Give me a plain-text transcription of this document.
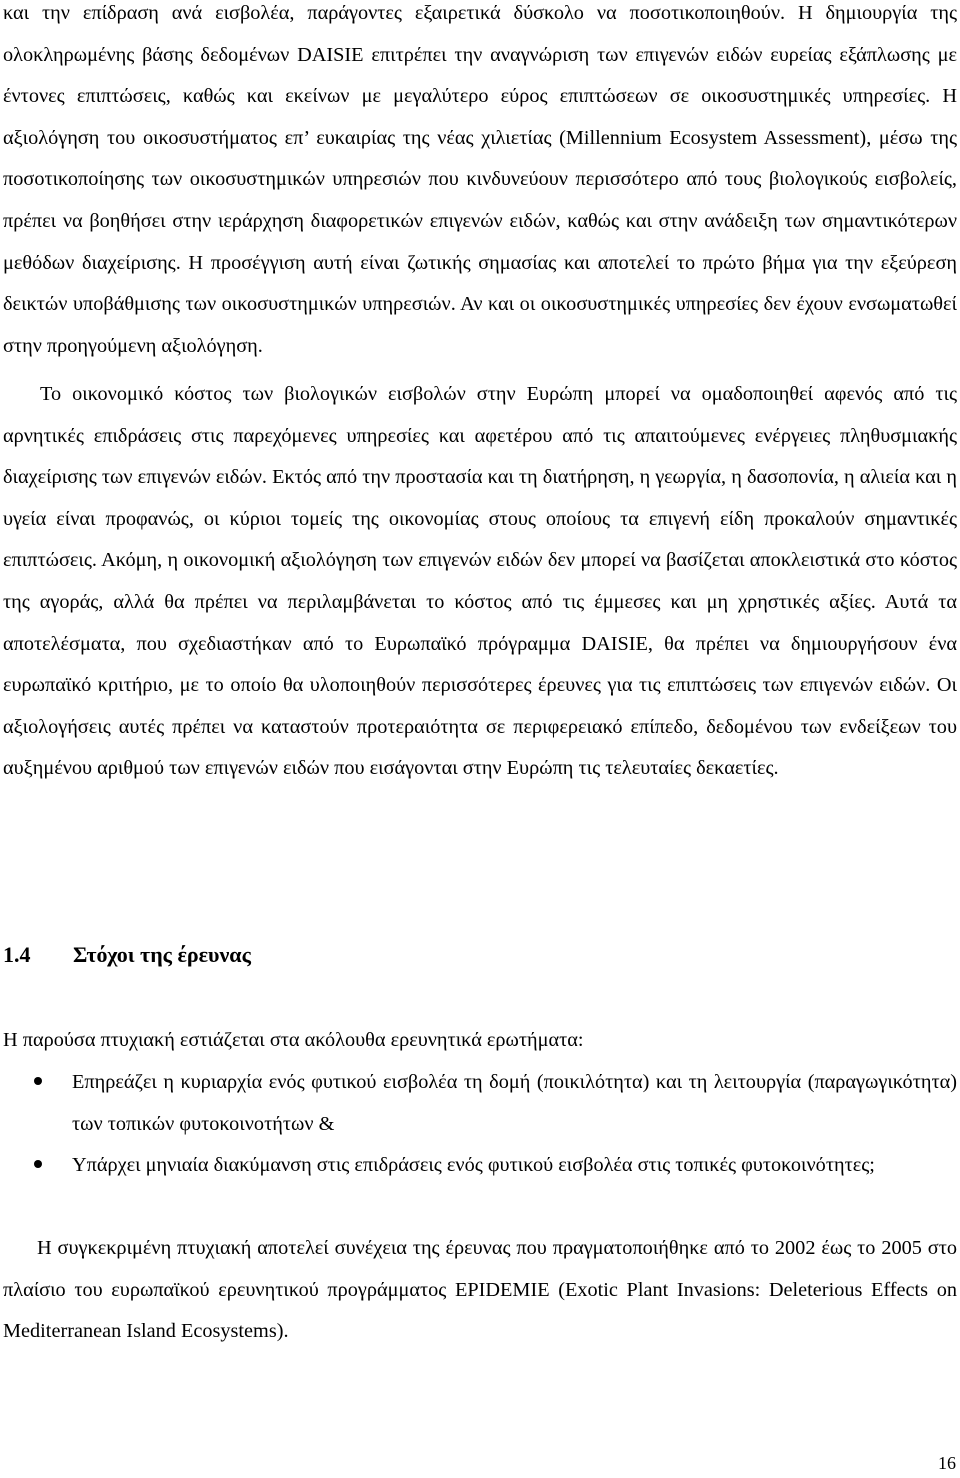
και την επίδραση ανά εισβολέα, παράγοντες εξαιρετικά δύσκολο να ποσοτικοποιηθούν. Η δημιουργία της ολοκληρωμένης βάσης δεδομένων DAISIE επιτρέπει την αναγνώριση των επιγενών ειδών ευρείας εξάπλωσης με έντονες επιπτώσεις, καθώς και εκείνων με μεγαλύτερο εύρος επιπτώσεων σε οικοσυστημικές υπηρεσίες. Η αξιολόγηση του οικοσυστήματος επ’ ευκαιρίας της νέας χιλιετίας (Millennium Ecosystem Assessment), μέσω της ποσοτικοποίησης των οικοσυστημικών υπηρεσιών που κινδυνεύουν περισσότερο από τους βιολογικούς εισβολείς, πρέπει να βοηθήσει στην ιεράρχηση διαφορετικών επιγενών ειδών, καθώς και στην ανάδειξη των σημαντικότερων μεθόδων διαχείρισης. Η προσέγγιση αυτή είναι ζωτικής σημασίας και αποτελεί το πρώτο βήμα για την εξεύρεση δεικτών υποβάθμισης των οικοσυστημικών υπηρεσιών. Αν και οι οικοσυστημικές υπηρεσίες δεν έχουν ενσωματωθεί στην προηγούμενη αξιολόγηση.

Το οικονομικό κόστος των βιολογικών εισβολών στην Ευρώπη μπορεί να ομαδοποιηθεί αφενός από τις αρνητικές επιδράσεις στις παρεχόμενες υπηρεσίες και αφετέρου από τις απαιτούμενες ενέργειες πληθυσμιακής διαχείρισης των επιγενών ειδών. Εκτός από την προστασία και τη διατήρηση, η γεωργία, η δασοπονία, η αλιεία και η υγεία είναι προφανώς, οι κύριοι τομείς της οικονομίας στους οποίους τα επιγενή είδη προκαλούν σημαντικές επιπτώσεις. Ακόμη, η οικονομική αξιολόγηση των επιγενών ειδών δεν μπορεί να βασίζεται αποκλειστικά στο κόστος της αγοράς, αλλά θα πρέπει να περιλαμβάνεται το κόστος από τις έμμεσες και μη χρηστικές αξίες. Αυτά τα αποτελέσματα, που σχεδιαστήκαν από το Ευρωπαϊκό πρόγραμμα DAISIE, θα πρέπει να δημιουργήσουν ένα ευρωπαϊκό κριτήριο, με το οποίο θα υλοποιηθούν περισσότερες έρευνες για τις επιπτώσεις των επιγενών ειδών. Οι αξιολογήσεις αυτές πρέπει να καταστούν προτεραιότητα σε περιφερειακό επίπεδο, δεδομένου των ενδείξεων του αυξημένου αριθμού των επιγενών ειδών που εισάγονται στην Ευρώπη τις τελευταίες δεκαετίες.

1.4 Στόχοι της έρευνας

Η παρούσα πτυχιακή εστιάζεται στα ακόλουθα ερευνητικά ερωτήματα:

Επηρεάζει η κυριαρχία ενός φυτικού εισβολέα τη δομή (ποικιλότητα) και τη λειτουργία (παραγωγικότητα) των τοπικών φυτοκοινοτήτων &
Υπάρχει μηνιαία διακύμανση στις επιδράσεις ενός φυτικού εισβολέα στις τοπικές φυτοκοινότητες;

Η συγκεκριμένη πτυχιακή αποτελεί συνέχεια της έρευνας που πραγματοποιήθηκε από το 2002 έως το 2005 στο πλαίσιο του ευρωπαϊκού ερευνητικού προγράμματος EPIDEMIE (Exotic Plant Invasions: Deleterious Effects on Mediterranean Island Ecosystems).

16
